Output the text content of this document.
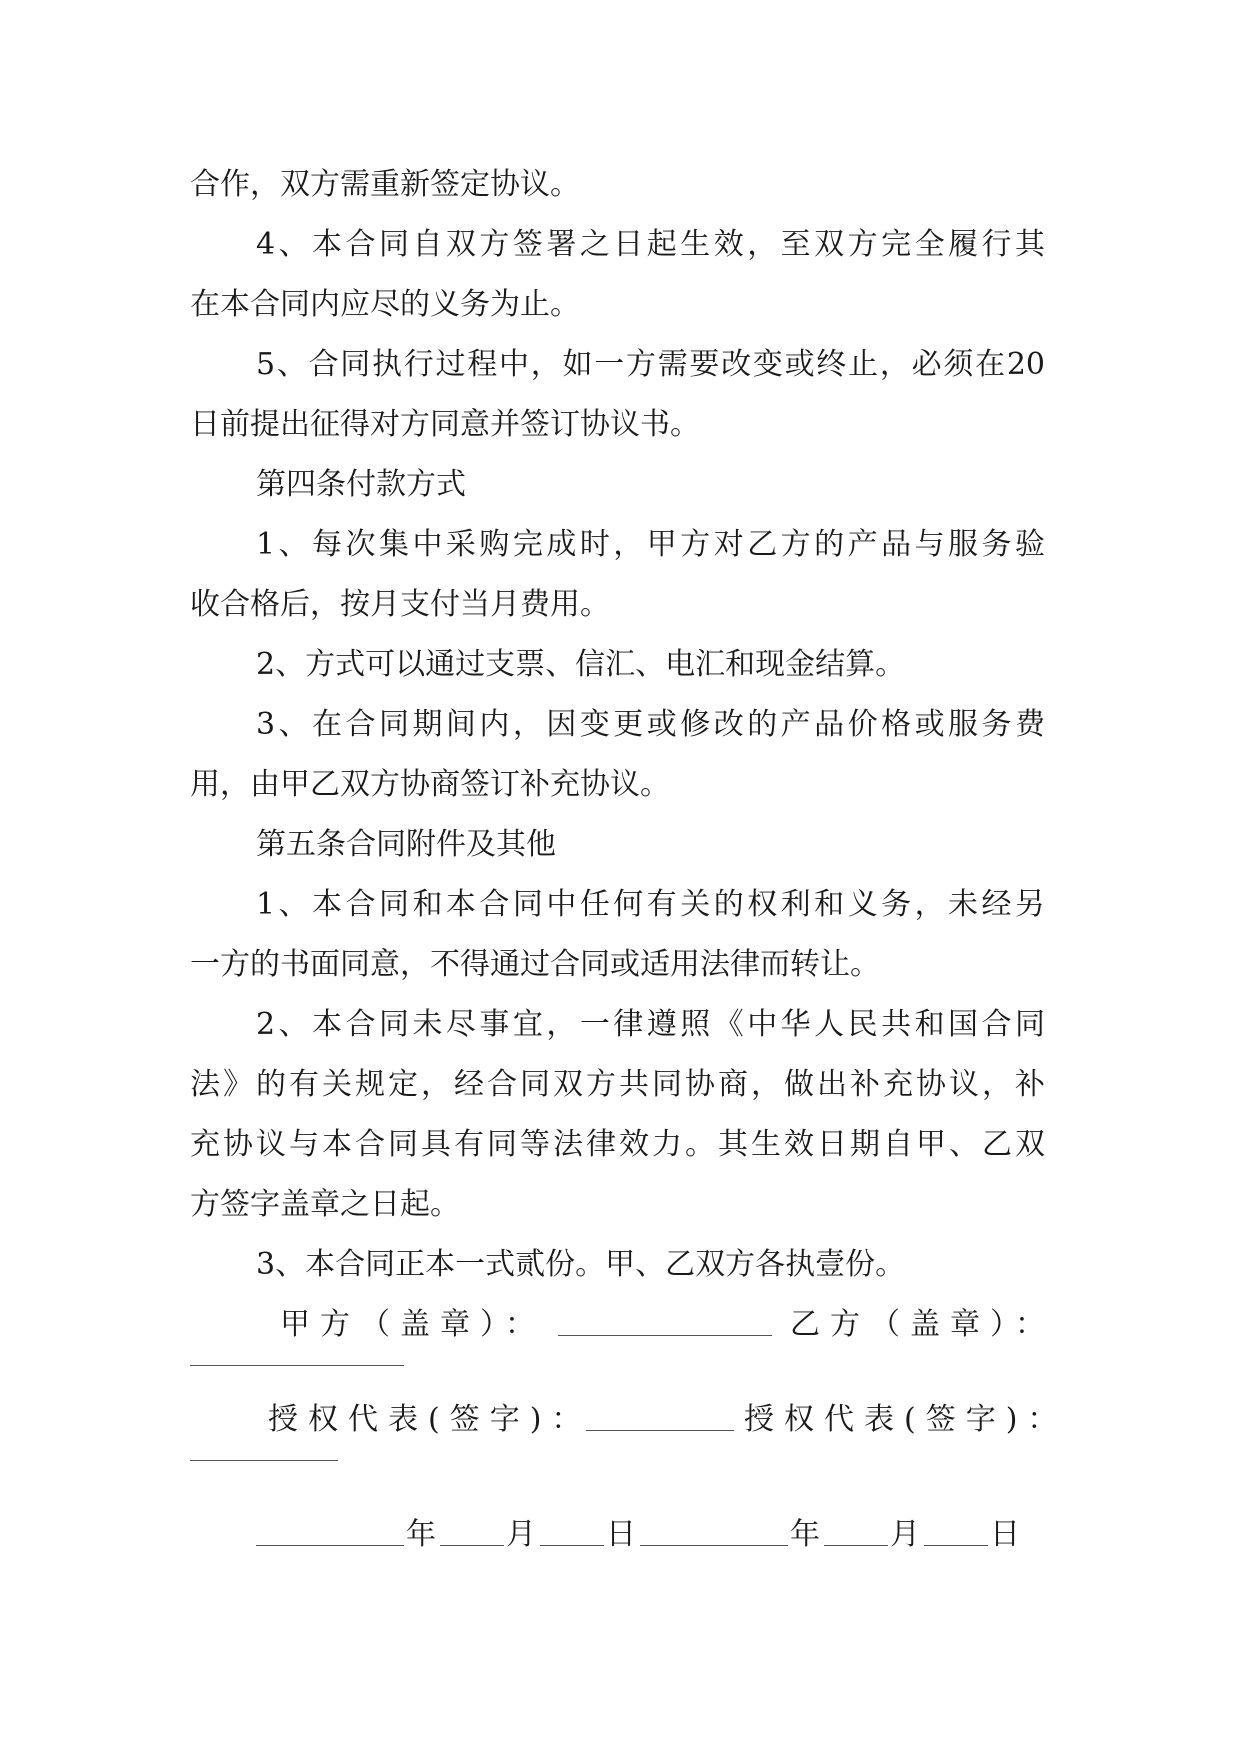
合作，双方需重新签定协议。
4、本合同自双方签署之日起生效，至双方完全履行其
在本合同内应尽的义务为止。
5、合同执行过程中，如一方需要改变或终止，必须在20
日前提出征得对方同意并签订协议书。
第四条付款方式
1、每次集中采购完成时，甲方对乙方的产品与服务验
收合格后，按月支付当月费用。
2、方式可以通过支票、信汇、电汇和现金结算。
3、在合同期间内，因变更或修改的产品价格或服务费
用，由甲乙双方协商签订补充协议。
第五条合同附件及其他
1、本合同和本合同中任何有关的权利和义务，未经另
一方的书面同意，不得通过合同或适用法律而转让。
2、本合同未尽事宜，一律遵照《中华人民共和国合同
法》的有关规定，经合同双方共同协商，做出补充协议，补
充协议与本合同具有同等法律效力。其生效日期自甲、乙双
方签字盖章之日起。
3、本合同正本一式贰份。甲、乙双方各执壹份。
甲方（盖章）：	乙方（盖章）：
授权代表(签字)：	授权代表(签字)：
年 月 日	年 月 日
